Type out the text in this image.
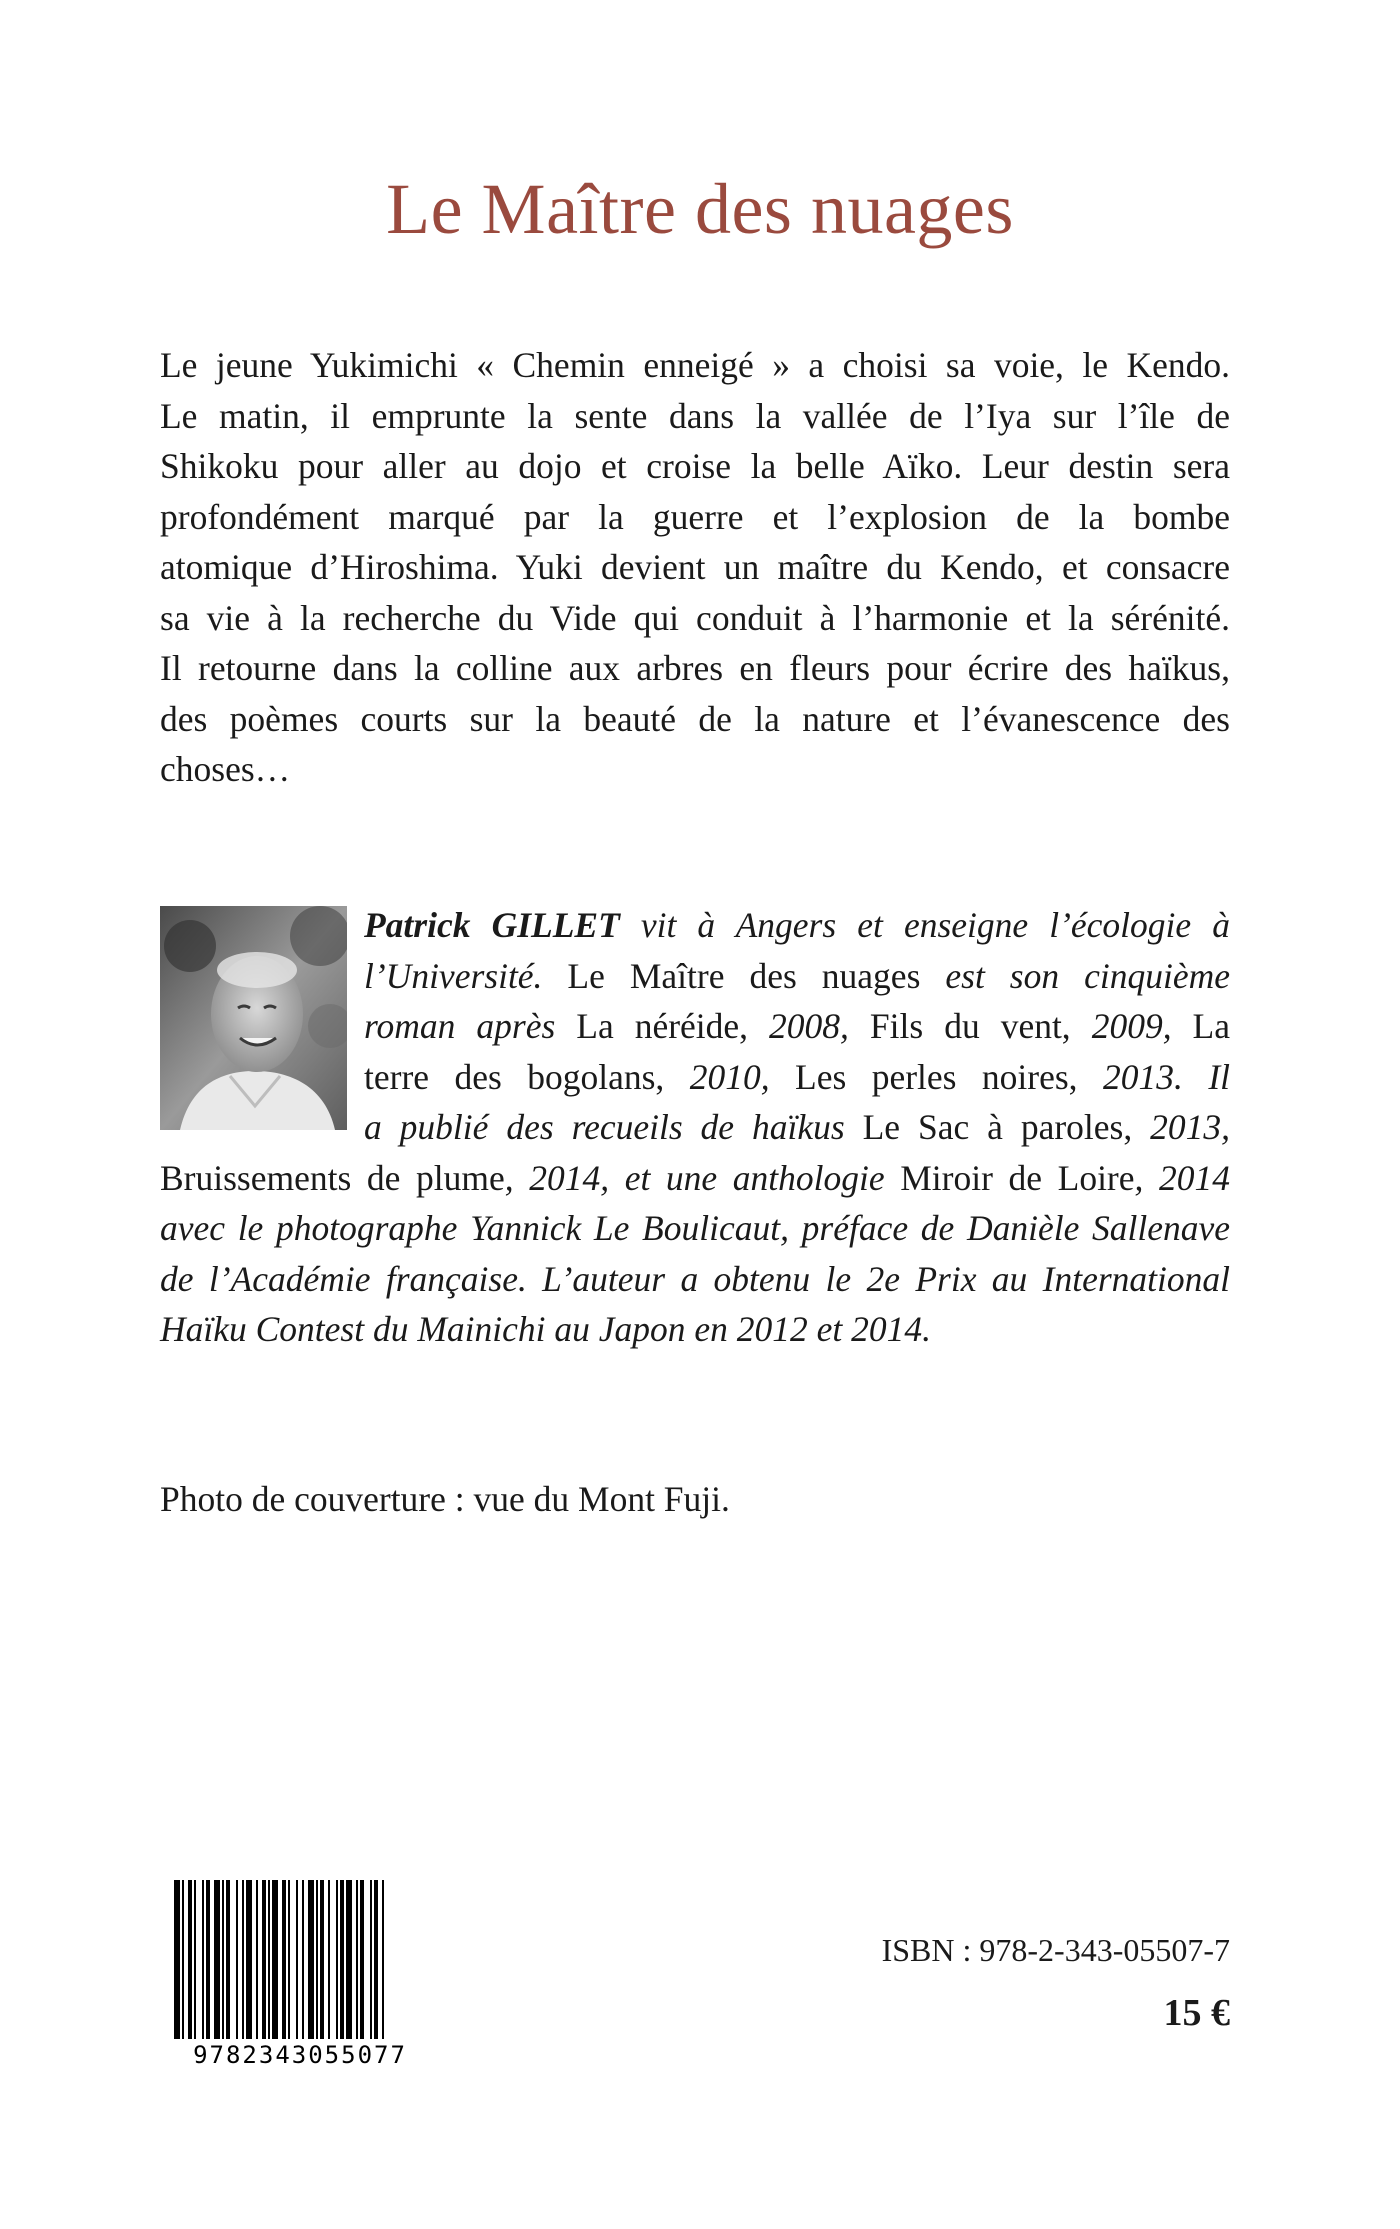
Le Maître des nuages
Le jeune Yukimichi « Chemin enneigé » a choisi sa voie, le Kendo.
Le matin, il emprunte la sente dans la vallée de l’Iya sur l’île de
Shikoku pour aller au dojo et croise la belle Aïko. Leur destin sera
profondément marqué par la guerre et l’explosion de la bombe
atomique d’Hiroshima. Yuki devient un maître du Kendo, et consacre
sa vie à la recherche du Vide qui conduit à l’harmonie et la sérénité.
Il retourne dans la colline aux arbres en fleurs pour écrire des haïkus,
des poèmes courts sur la beauté de la nature et l’évanescence des
choses…
Patrick GILLET vit à Angers et enseigne l’écologie à
l’Université. Le Maître des nuages est son cinquième
roman après La néréide, 2008, Fils du vent, 2009, La
terre des bogolans, 2010, Les perles noires, 2013. Il
a publié des recueils de haïkus Le Sac à paroles, 2013,
Bruissements de plume, 2014, et une anthologie Miroir de Loire, 2014
avec le photographe Yannick Le Boulicaut, préface de Danièle Sallenave
de l’Académie française. L’auteur a obtenu le 2e Prix au International
Haïku Contest du Mainichi au Japon en 2012 et 2014.
Photo de couverture : vue du Mont Fuji.
9782343055077
ISBN : 978-2-343-05507-7
15 €
